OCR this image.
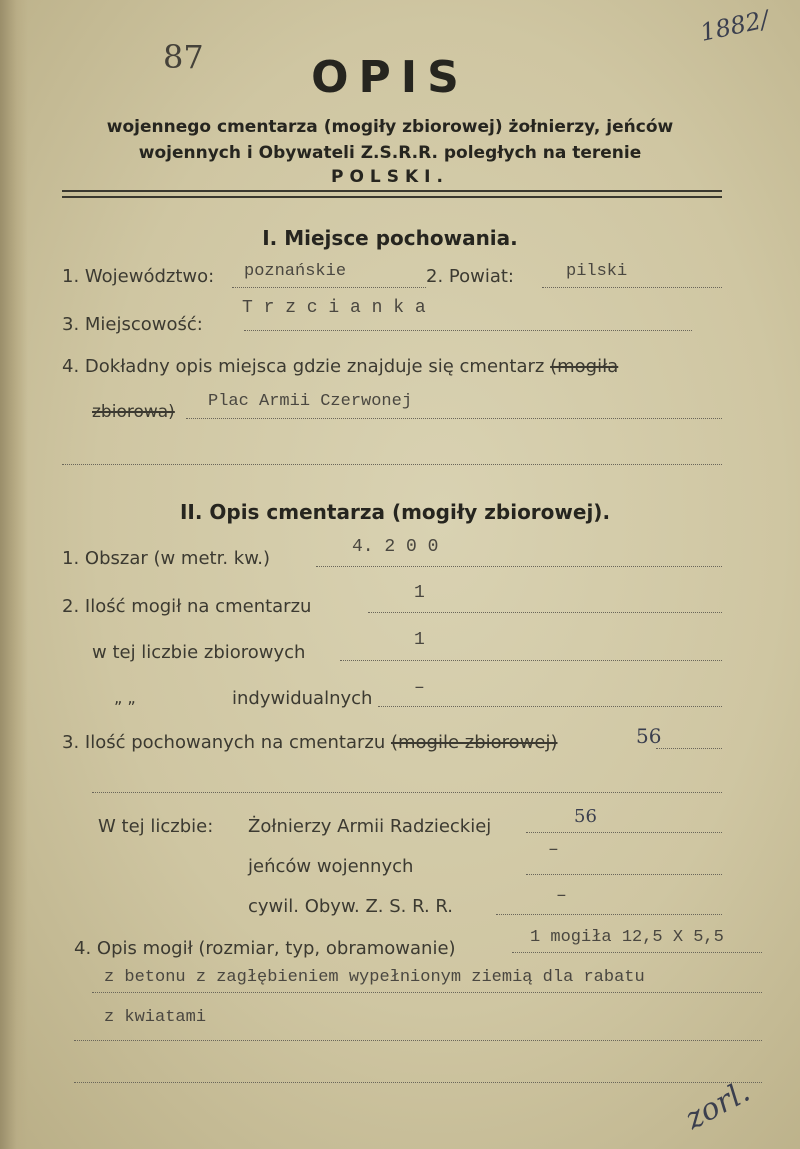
87
1882/
OPIS
wojennego cmentarza (mogiły zbiorowej) żołnierzy, jeńców
wojennych i Obywateli Z.S.R.R. poległych na terenie
POLSKI.
I. Miejsce pochowania.
1. Województwo: poznańskie	2. Powiat:	pilski
3. Miejscowość:
T r z c i a n k a
4. Dokładny opis miejsca gdzie znajduje się cmentarz (mogiła
zbiorowa)
Plac Armii Czerwonej
II. Opis cmentarza (mogiły zbiorowej).
1. Obszar (w metr. kw.)
4. 2 0 0
2. Ilość mogił na cmentarzu
1
w tej liczbie zbiorowych
1
„ „	indywidualnych –
3. Ilość pochowanych na cmentarzu (mogile zbiorowej)	56
W tej liczbie: Żołnierzy Armii Radzieckiej	56
jeńców wojennych
–
cywil. Obyw. Z. S. R. R.	–
4. Opis mogił (rozmiar, typ, obramowanie)
1 mogiła 12,5 X 5,5
z betonu z zagłębieniem wypełnionym ziemią dla rabatu
z kwiatami
zorl.
